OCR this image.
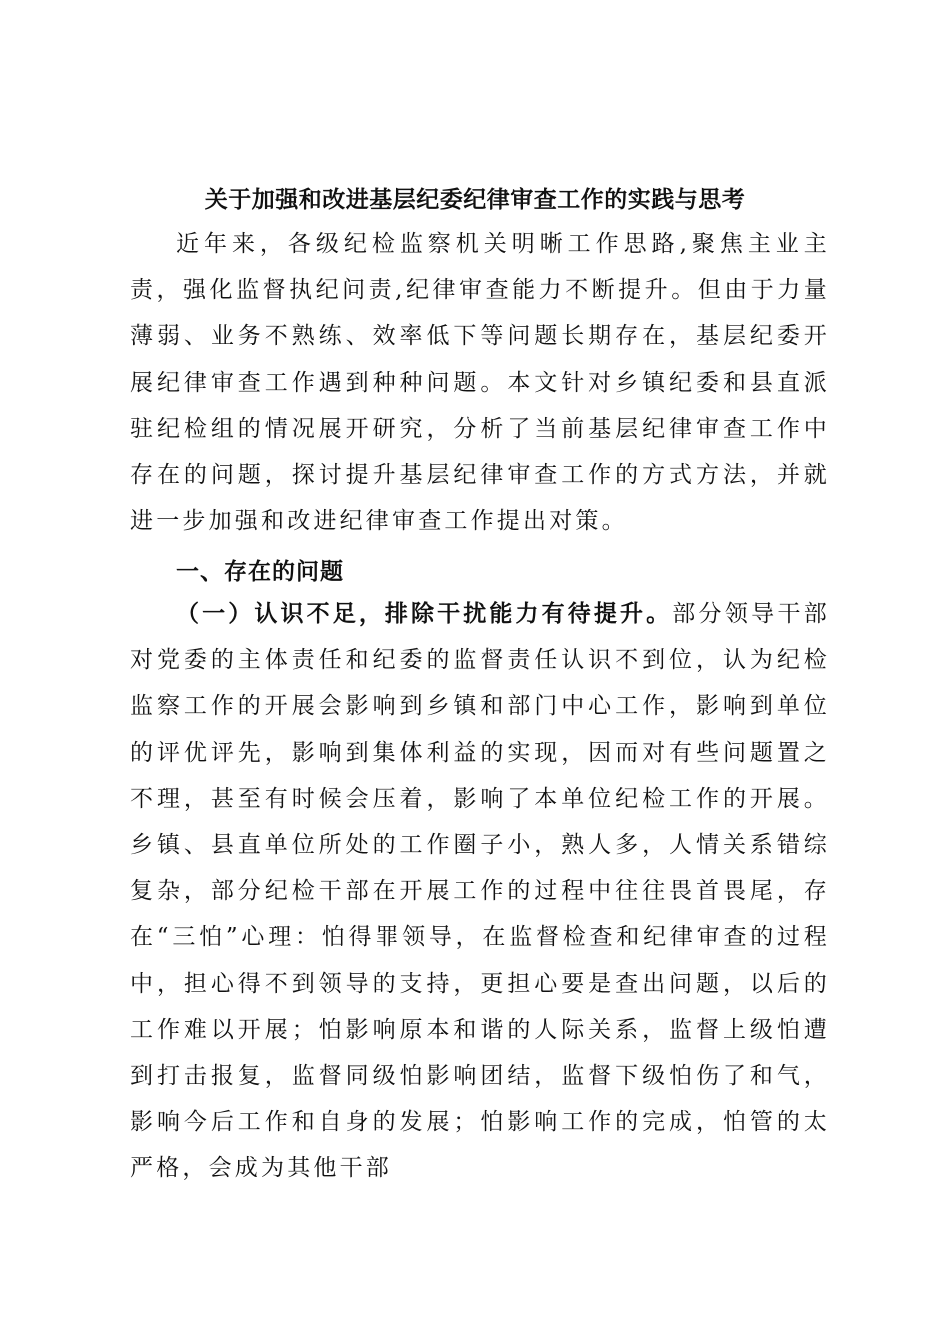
关于加强和改进基层纪委纪律审查工作的实践与思考

近年来，各级纪检监察机关明晰工作思路,聚焦主业主责，强化监督执纪问责,纪律审查能力不断提升。但由于力量薄弱、业务不熟练、效率低下等问题长期存在，基层纪委开展纪律审查工作遇到种种问题。本文针对乡镇纪委和县直派驻纪检组的情况展开研究，分析了当前基层纪律审查工作中存在的问题，探讨提升基层纪律审查工作的方式方法，并就进一步加强和改进纪律审查工作提出对策。

一、存在的问题

（一）认识不足，排除干扰能力有待提升。部分领导干部对党委的主体责任和纪委的监督责任认识不到位，认为纪检监察工作的开展会影响到乡镇和部门中心工作，影响到单位的评优评先，影响到集体利益的实现，因而对有些问题置之不理，甚至有时候会压着，影响了本单位纪检工作的开展。乡镇、县直单位所处的工作圈子小，熟人多，人情关系错综复杂，部分纪检干部在开展工作的过程中往往畏首畏尾，存在“三怕”心理：怕得罪领导，在监督检查和纪律审查的过程中，担心得不到领导的支持，更担心要是查出问题，以后的工作难以开展；怕影响原本和谐的人际关系，监督上级怕遭到打击报复，监督同级怕影响团结，监督下级怕伤了和气，影响今后工作和自身的发展；怕影响工作的完成，怕管的太严格，会成为其他干部
